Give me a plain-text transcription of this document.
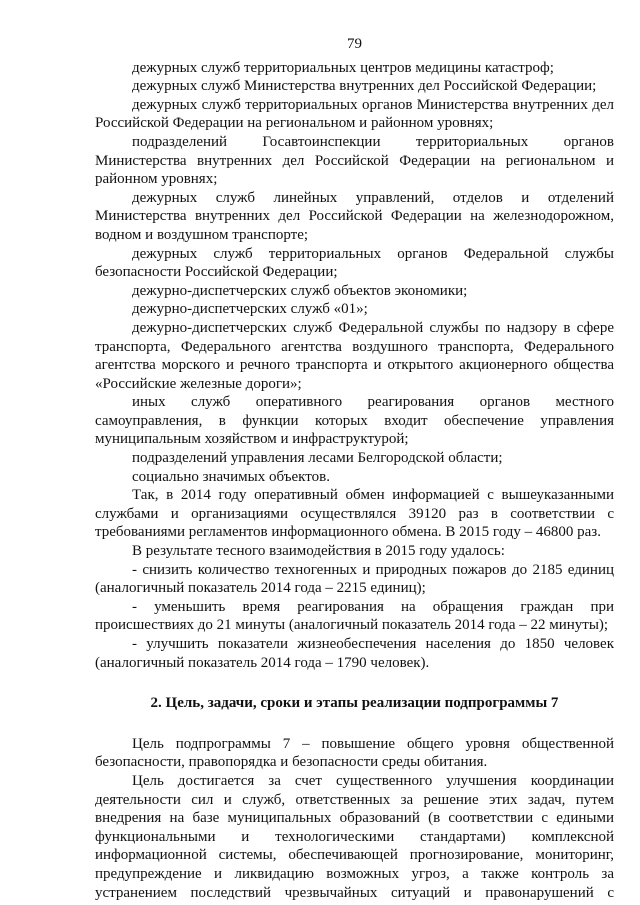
79

дежурных служб территориальных центров медицины катастроф;

дежурных служб Министерства внутренних дел Российской Федерации;

дежурных служб территориальных органов Министерства внутренних дел Российской Федерации на региональном и районном уровнях;

подразделений Госавтоинспекции территориальных органов Министерства внутренних дел Российской Федерации на региональном и районном уровнях;

дежурных служб линейных управлений, отделов и отделений Министерства внутренних дел Российской Федерации на железнодорожном, водном и воздушном транспорте;

дежурных служб территориальных органов Федеральной службы безопасности Российской Федерации;

дежурно-диспетчерских служб объектов экономики;

дежурно-диспетчерских служб «01»;

дежурно-диспетчерских служб Федеральной службы по надзору в сфере транспорта, Федерального агентства воздушного транспорта, Федерального агентства морского и речного транспорта и открытого акционерного общества «Российские железные дороги»;

иных служб оперативного реагирования органов местного самоуправления, в функции которых входит обеспечение управления муниципальным хозяйством и инфраструктурой;

подразделений управления лесами Белгородской области;

социально значимых объектов.

Так, в 2014 году оперативный обмен информацией с вышеуказанными службами и организациями осуществлялся 39120 раз в соответствии с требованиями регламентов информационного обмена. В 2015 году – 46800 раз.

В результате тесного взаимодействия в 2015 году удалось:

- снизить количество техногенных и природных пожаров до 2185 единиц (аналогичный показатель 2014 года – 2215 единиц);

- уменьшить время реагирования на обращения граждан при происшествиях до 21 минуты (аналогичный показатель 2014 года – 22 минуты);

- улучшить показатели жизнеобеспечения населения до 1850 человек (аналогичный показатель 2014 года – 1790 человек).

2. Цель, задачи, сроки и этапы реализации подпрограммы 7

Цель подпрограммы 7 – повышение общего уровня общественной безопасности, правопорядка и безопасности среды обитания.

Цель достигается за счет существенного улучшения координации деятельности сил и служб, ответственных за решение этих задач, путем внедрения на базе муниципальных образований (в соответствии с едиными функциональными и технологическими стандартами) комплексной информационной системы, обеспечивающей прогнозирование, мониторинг, предупреждение и ликвидацию возможных угроз, а также контроль за устранением последствий чрезвычайных ситуаций и правонарушений с
